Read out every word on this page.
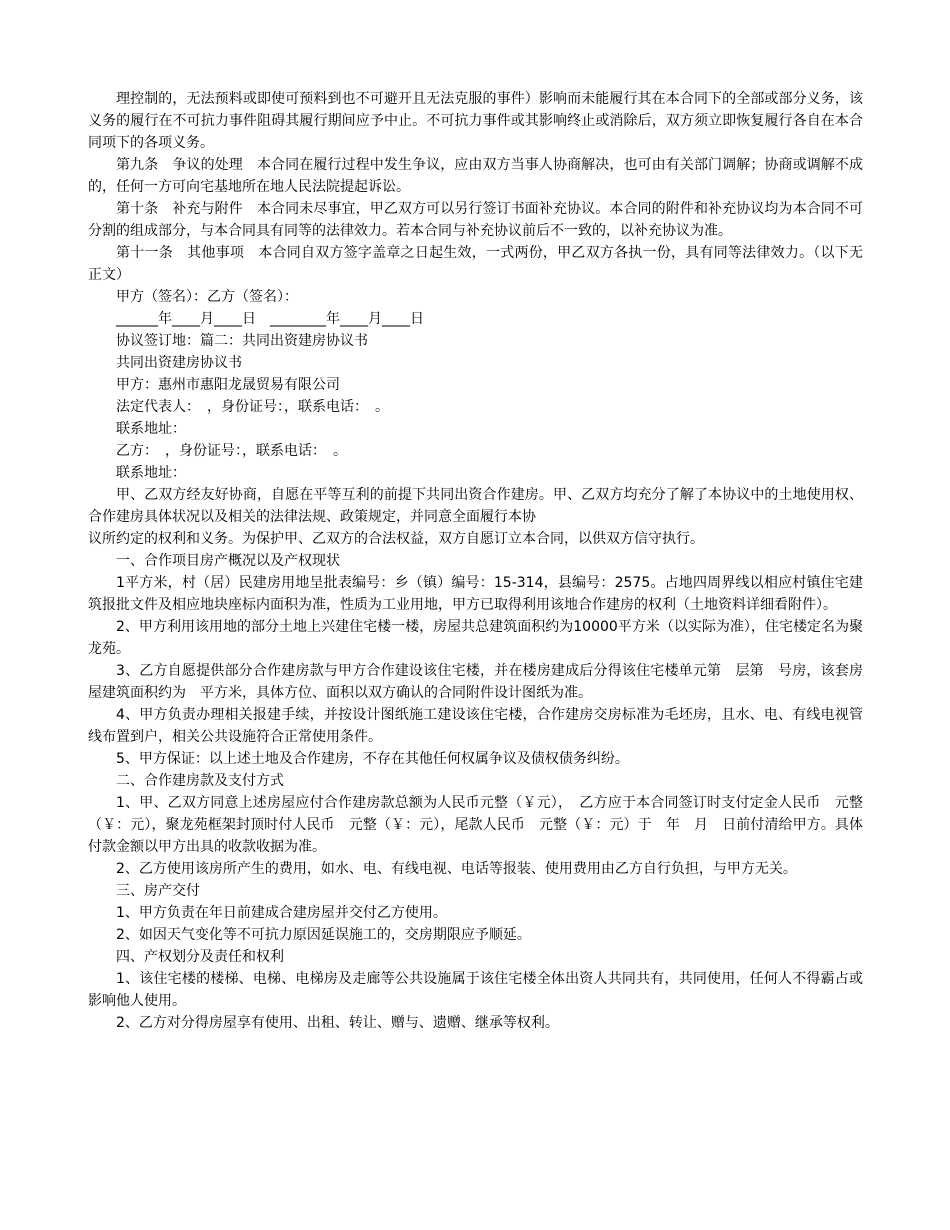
理控制的，无法预料或即使可预料到也不可避开且无法克服的事件）影响而未能履行其在本合同下的全部或部分义务，该义务的履行在不可抗力事件阻碍其履行期间应予中止。不可抗力事件或其影响终止或消除后，双方须立即恢复履行各自在本合同项下的各项义务。

第九条　争议的处理　本合同在履行过程中发生争议，应由双方当事人协商解决，也可由有关部门调解；协商或调解不成的，任何一方可向宅基地所在地人民法院提起诉讼。

第十条　补充与附件　本合同未尽事宜，甲乙双方可以另行签订书面补充协议。本合同的附件和补充协议均为本合同不可分割的组成部分，与本合同具有同等的法律效力。若本合同与补充协议前后不一致的，以补充协议为准。

第十一条　其他事项　本合同自双方签字盖章之日起生效，一式两份，甲乙双方各执一份，具有同等法律效力。（以下无正文）

甲方（签名）：乙方（签名）：

______年____月____日　________年____月____日

协议签订地：篇二：共同出资建房协议书

共同出资建房协议书

甲方：惠州市惠阳龙晟贸易有限公司

法定代表人：　，身份证号：，联系电话：　。

联系地址：

乙方：　，身份证号：，联系电话：　。

联系地址：

甲、乙双方经友好协商，自愿在平等互利的前提下共同出资合作建房。甲、乙双方均充分了解了本协议中的土地使用权、合作建房具体状况以及相关的法律法规、政策规定，并同意全面履行本协

议所约定的权利和义务。为保护甲、乙双方的合法权益，双方自愿订立本合同，以供双方信守执行。

一、合作项目房产概况以及产权现状

1平方米，村（居）民建房用地呈批表编号：乡（镇）编号：15-314，县编号：2575。占地四周界线以相应村镇住宅建筑报批文件及相应地块座标内面积为准，性质为工业用地，甲方已取得利用该地合作建房的权利（土地资料详细看附件）。

2、甲方利用该用地的部分土地上兴建住宅楼一楼，房屋共总建筑面积约为10000平方米（以实际为准），住宅楼定名为聚龙苑。

3、乙方自愿提供部分合作建房款与甲方合作建设该住宅楼，并在楼房建成后分得该住宅楼单元第　层第　号房，该套房屋建筑面积约为　平方米，具体方位、面积以双方确认的合同附件设计图纸为准。

4、甲方负责办理相关报建手续，并按设计图纸施工建设该住宅楼，合作建房交房标准为毛坯房，且水、电、有线电视管线布置到户，相关公共设施符合正常使用条件。

5、甲方保证：以上述土地及合作建房，不存在其他任何权属争议及债权债务纠纷。

二、合作建房款及支付方式

1、甲、乙双方同意上述房屋应付合作建房款总额为人民币元整（￥元），　乙方应于本合同签订时支付定金人民币　元整（￥：元），聚龙苑框架封顶时付人民币　元整（￥：元），尾款人民币　元整（￥：元）于　年　月　日前付清给甲方。具体付款金额以甲方出具的收款收据为准。

2、乙方使用该房所产生的费用，如水、电、有线电视、电话等报装、使用费用由乙方自行负担，与甲方无关。

三、房产交付

1、甲方负责在年日前建成合建房屋并交付乙方使用。

2、如因天气变化等不可抗力原因延误施工的，交房期限应予顺延。

四、产权划分及责任和权利

1、该住宅楼的楼梯、电梯、电梯房及走廊等公共设施属于该住宅楼全体出资人共同共有，共同使用，任何人不得霸占或影响他人使用。

2、乙方对分得房屋享有使用、出租、转让、赠与、遗赠、继承等权利。
